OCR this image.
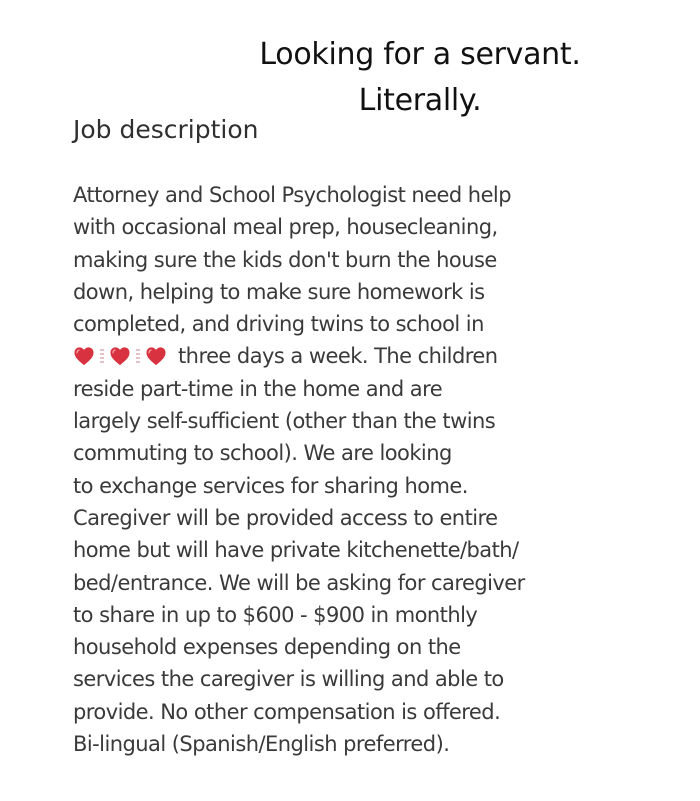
Looking for a servant.
Literally.
Job description
Attorney and School Psychologist need help
with occasional meal prep, housecleaning,
making sure the kids don't burn the house
down, helping to make sure homework is
completed, and driving twins to school in
three days a week. The children
reside part-time in the home and are
largely self-sufficient (other than the twins
commuting to school). We are looking
to exchange services for sharing home.
Caregiver will be provided access to entire
home but will have private kitchenette/bath/
bed/entrance. We will be asking for caregiver
to share in up to $600 - $900 in monthly
household expenses depending on the
services the caregiver is willing and able to
provide. No other compensation is offered.
Bi-lingual (Spanish/English preferred).
